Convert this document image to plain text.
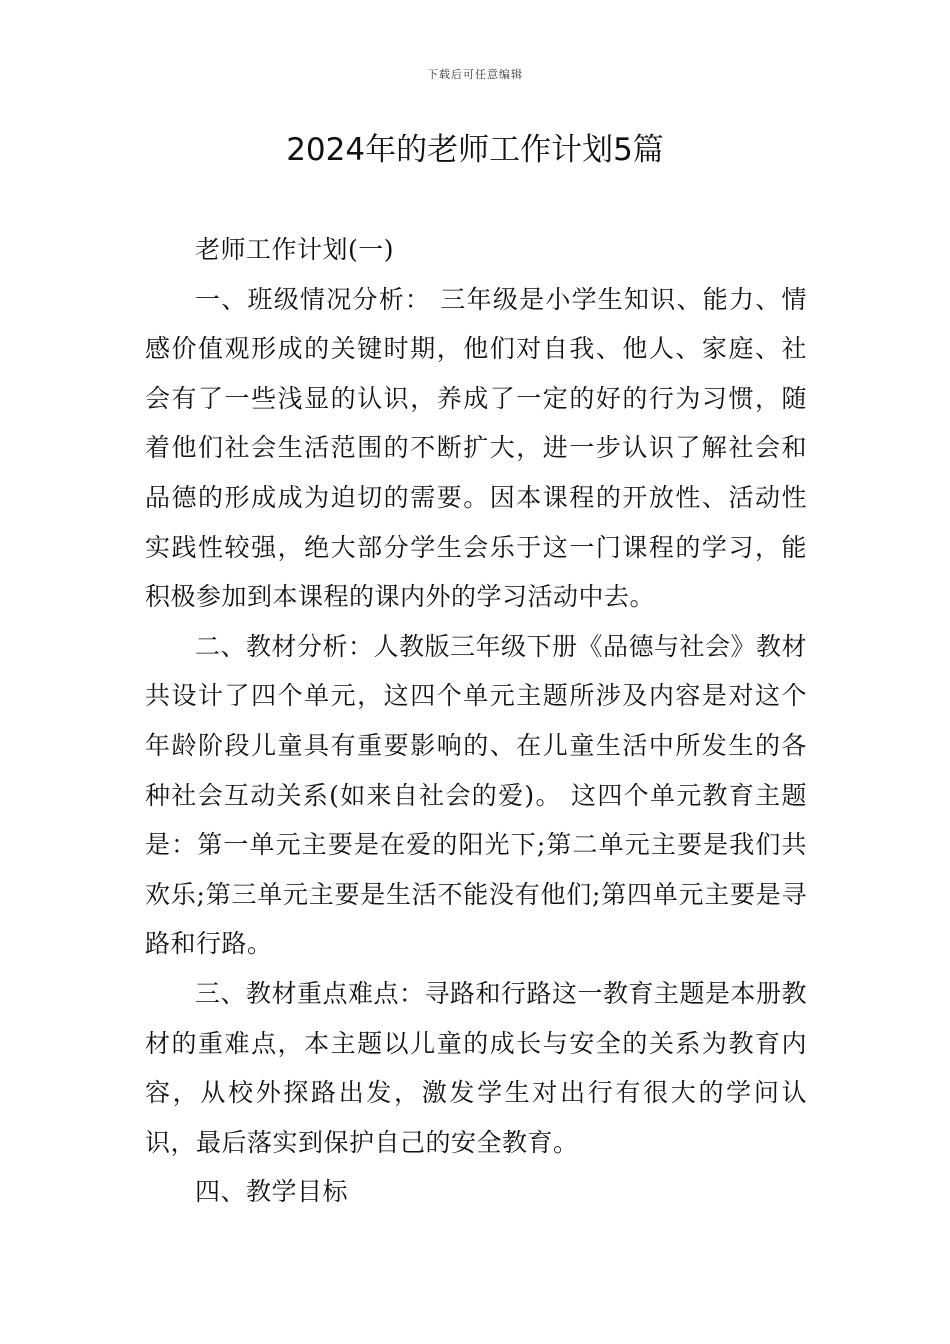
下载后可任意编辑
2024年的老师工作计划5篇

老师工作计划(一)

一、班级情况分析： 三年级是小学生知识、能力、情感价值观形成的关键时期，他们对自我、他人、家庭、社会有了一些浅显的认识，养成了一定的好的行为习惯，随着他们社会生活范围的不断扩大，进一步认识了解社会和品德的形成成为迫切的需要。因本课程的开放性、活动性实践性较强，绝大部分学生会乐于这一门课程的学习，能积极参加到本课程的课内外的学习活动中去。

二、教材分析：人教版三年级下册《品德与社会》教材共设计了四个单元，这四个单元主题所涉及内容是对这个年龄阶段儿童具有重要影响的、在儿童生活中所发生的各种社会互动关系(如来自社会的爱)。 这四个单元教育主题是：第一单元主要是在爱的阳光下;第二单元主要是我们共欢乐;第三单元主要是生活不能没有他们;第四单元主要是寻路和行路。

三、教材重点难点：寻路和行路这一教育主题是本册教材的重难点，本主题以儿童的成长与安全的关系为教育内容，从校外探路出发，激发学生对出行有很大的学问认识，最后落实到保护自己的安全教育。

四、教学目标
